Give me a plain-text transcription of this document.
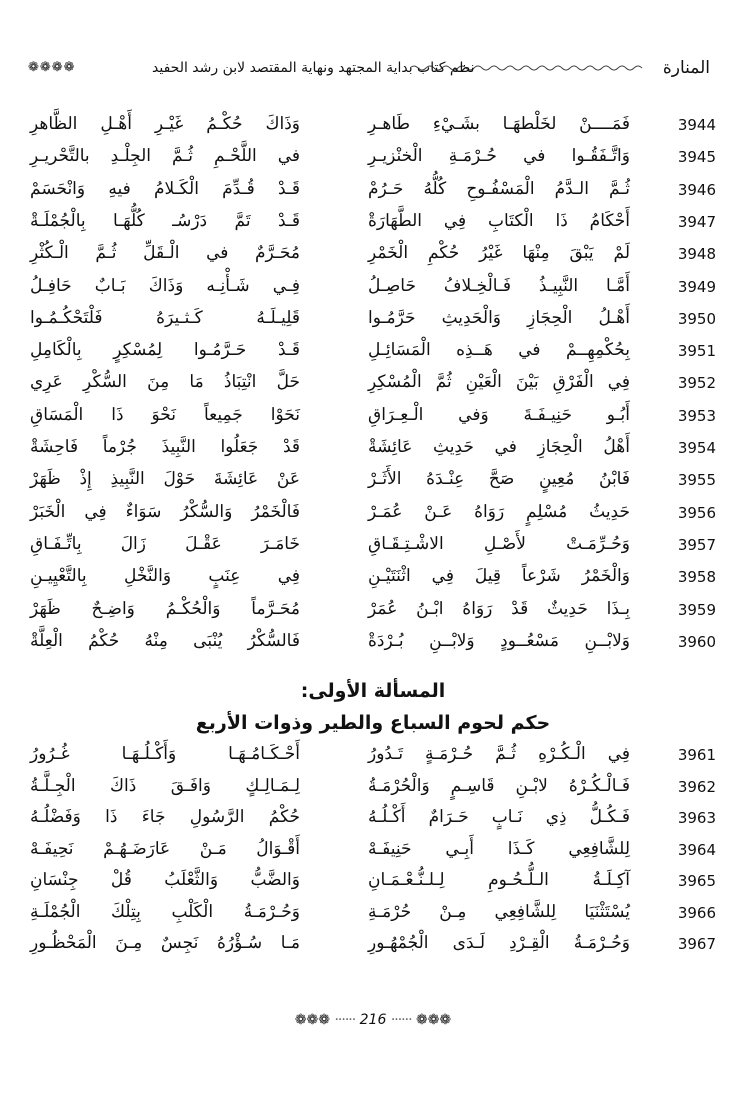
المنارة
نظم كتاب بداية المجتهد ونهاية المقتصد لابن رشد الحفيد
❁❁❁❁
3944
فَمَــــنْ لخَلْطهَـا بشَـيْءِ طَاهـرِ
وَذَاكَ حُكْـمُ غَيْـرِ أَهْـلِ الظَّاهرِ
3945
وَاتَّـفَقُـوا في حُـرْمَـةِ الْخنْزيـرِ
في اللَّحْـمِ ثُـمَّ الجِلْـدِ بالتَّحْريـرِ
3946
ثُـمَّ الـدَّمُ الْمَسْفُـوحِ كُلُّهُ حَـرُمْ
قَـدْ قُـدِّمَ الْكَـلامُ فيهِ وَانْحَسَمْ
3947
أَحْكَامُ ذَا الْكتَابِ فِي الطَّهَارَةْ
قَـدْ تَمَّ دَرْسُـ كُلُّهَـا بِالْجُمْلَـةْ
3948
لَمْ يَبْقَ مِنْهَا غَيْرُ حُكْمِ الْخَمْرِ
مُحَـرَّمٌ في الْـقَلِّ ثُـمَّ الْـكُثْرِ
3949
أَمَّـا النَّبِيـذُ فَـالْخِـلافُ حَاصِـلُ
فِـي شَـأْنِـه وَذَاكَ بَـابٌ حَافِـلُ
3950
أَهْـلُ الْحِجَازِ وَالْحَدِيثِ حَرَّمُـوا
قَلِيـلَـهُ كَـثـيرَهُ فَلْتَحْكُـمُـوا
3951
بِحُكْمِهِــمْ في هَــذِه الْمَسَائِـلِ
قَـدْ حَـرَّمُـوا لِمُسْكِرٍ بِالْكَامِلِ
3952
فِي الْفَرْقِ بَيْنَ الْعَيْنِ ثُمَّ الْمُسْكِرِ
حَلَّ انْتِبَاذُ مَا مِنَ السُّكْرِ عَرِي
3953
أَبُـو حَنِيـفَـةَ وَفي الْـعِـرَاقِ
نَحَوْا جَمِيعاً نَحْوَ ذَا الْمَسَاقِ
3954
أَهْلُ الْحِجَازِ في حَدِيثِ عَائِشَةْ
قَدْ جَعَلُوا النَّبِيذَ جُرْماً فَاحِشَةْ
3955
فَابْنُ مُعِينٍ صَحَّ عِنْـدَهُ الأَثَـرْ
عَنْ عَائِشَةَ حَوْلَ النَّبِيذِ إِذْ ظَهَرْ
3956
حَدِيثُ مُسْلِمٍ رَوَاهُ عَـنْ عُمَـرْ
فَالْخَمْرُ وَالسُّكْرُ سَوَاءٌ فِي الْخَبَرْ
3957
وَحُـرِّمَـتْ لأَصْـلِ الاشْـتِـقَـاقِ
خَامَـرَ عَقْـلَ زَالَ بِاتِّـفَـاقِ
3958
وَالْخَمْرُ شَرْعاً قِيلَ فِي اثْنَتَيْـنِ
فِي عِنَبٍ وَالنَّخْلِ بِالتَّعْيِيـنِ
3959
بِـذَا حَدِيثٌ قَدْ رَوَاهُ ابْـنُ عُمَرْ
مُحَـرَّماً وَالْحُكْـمُ وَاضِـحٌ ظَهَرْ
3960
وَلابْــنِ مَسْعُــودٍ وَلابْــنِ بُـرْدَةْ
فَالسُّكْرُ يُنْبَى مِنْهُ حُكْمُ الْعِلَّةْ
المسألة الأولى:
حكم لحوم السباع والطير وذوات الأربع
3961
فِي الْـكُـرْهِ ثُـمَّ حُـرْمَـةٍ تَـدُورُ
أَحْـكَـامُـهَـا وَأَكْـلُـهَـا غُـرُورُ
3962
فَـالْـكُـرْهُ لابْـنِ قَاسِـمٍ وَالْحُرْمَـةُ
لِـمَـالِـكٍ وَافَـقَ ذَاكَ الْجِـلَّـةُ
3963
فَـكُـلُّ ذِي نَـابٍ حَـرَامٌ أَكْـلُـهُ
حُكْمُ الرَّسُولِ جَاءَ ذَا وَفَضْلُـهُ
3964
لِلشَّافِعِي كَـذَا أَبِـي حَنِيفَـهْ
أَقْـوَالُ مَـنْ عَارَضَـهُـمْ نَحِيفَـهْ
3965
آكِـلَـةُ الـلُّـحُـومِ لِـلـنُّـعْـمَـانِ
وَالضَّبُّ وَالثَّعْلَبُ قُلْ جِنْسَانِ
3966
يُسْتَثْنَيَا لِلشَّافِعِي مِـنْ حُرْمَـةِ
وَحُـرْمَـةُ الْكَلْبِ بِتِلْكَ الْجُمْلَـةِ
3967
وَحُـرْمَـةُ الْقِـرْدِ لَـدَى الْجُمْهُـورِ
مَـا سُـؤْرُهُ نَجِسٌ مِـنَ الْمَحْظُـورِ
❁❁❁ ······ 216 ······ ❁❁❁
